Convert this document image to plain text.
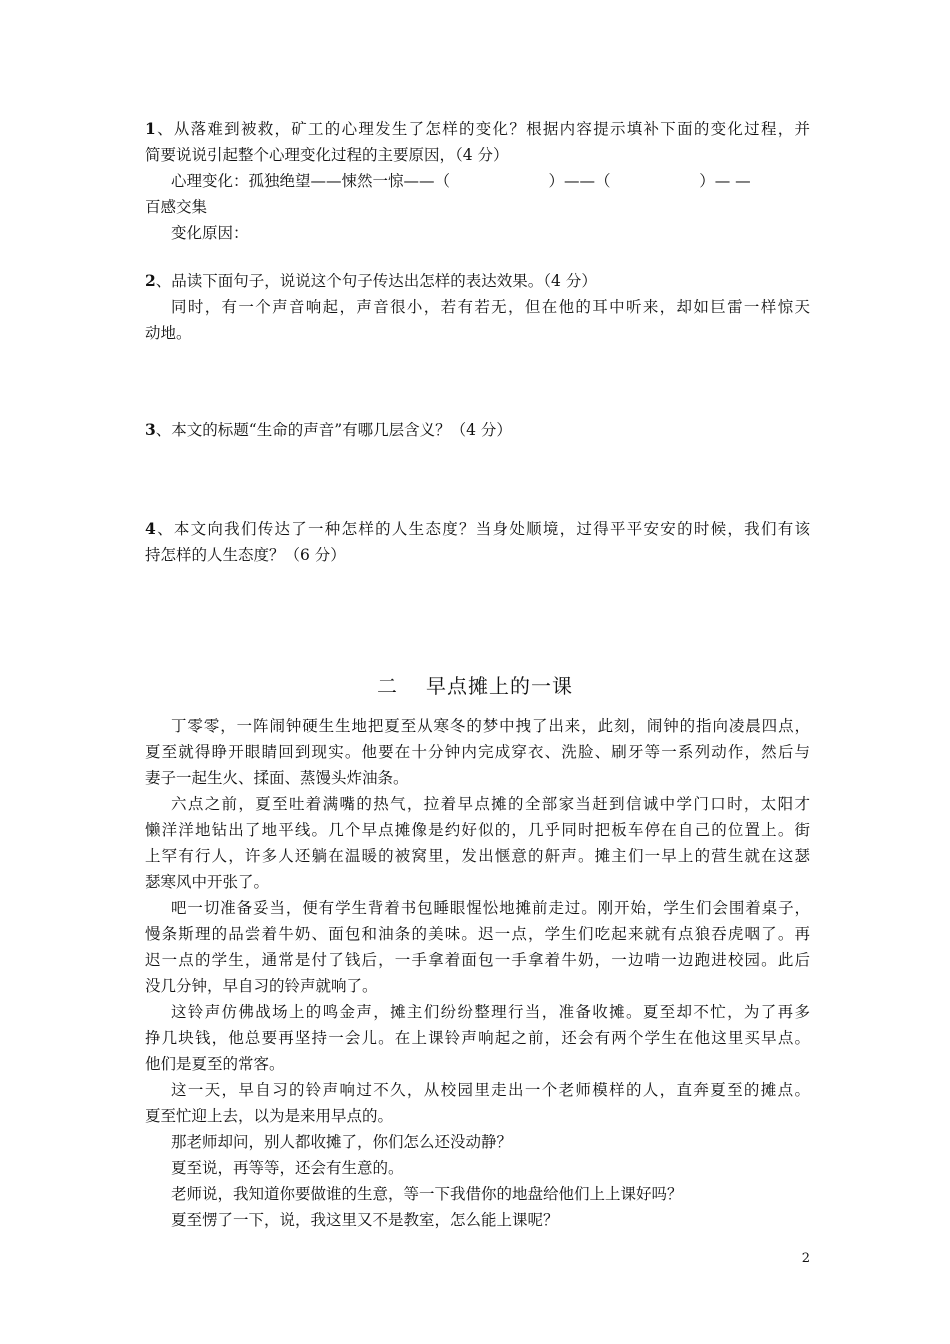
1、从落难到被救，矿工的心理发生了怎样的变化？根据内容提示填补下面的变化过程，并
简要说说引起整个心理变化过程的主要原因，（4 分）
心理变化：孤独绝望——悚然一惊——（                    ）——（                  ）— —
百感交集
变化原因：
2、品读下面句子，说说这个句子传达出怎样的表达效果。（4 分）
同时，有一个声音响起，声音很小，若有若无，但在他的耳中听来，却如巨雷一样惊天
动地。
3、本文的标题“生命的声音”有哪几层含义？（4 分）
4、本文向我们传达了一种怎样的人生态度？当身处顺境，过得平平安安的时候，我们有该
持怎样的人生态度？（6 分）
二 早点摊上的一课
丁零零，一阵闹钟硬生生地把夏至从寒冬的梦中拽了出来，此刻，闹钟的指向凌晨四点，
夏至就得睁开眼睛回到现实。他要在十分钟内完成穿衣、洗脸、刷牙等一系列动作，然后与
妻子一起生火、揉面、蒸馒头炸油条。
六点之前，夏至吐着满嘴的热气，拉着早点摊的全部家当赶到信诚中学门口时，太阳才
懒洋洋地钻出了地平线。几个早点摊像是约好似的，几乎同时把板车停在自己的位置上。街
上罕有行人，许多人还躺在温暖的被窝里，发出惬意的鼾声。摊主们一早上的营生就在这瑟
瑟寒风中开张了。
吧一切准备妥当，便有学生背着书包睡眼惺忪地摊前走过。刚开始，学生们会围着桌子，
慢条斯理的品尝着牛奶、面包和油条的美味。迟一点，学生们吃起来就有点狼吞虎咽了。再
迟一点的学生，通常是付了钱后，一手拿着面包一手拿着牛奶，一边啃一边跑进校园。此后
没几分钟，早自习的铃声就响了。
这铃声仿佛战场上的鸣金声，摊主们纷纷整理行当，准备收摊。夏至却不忙，为了再多
挣几块钱，他总要再坚持一会儿。在上课铃声响起之前，还会有两个学生在他这里买早点。
他们是夏至的常客。
这一天，早自习的铃声响过不久，从校园里走出一个老师模样的人，直奔夏至的摊点。
夏至忙迎上去，以为是来用早点的。
那老师却问，别人都收摊了，你们怎么还没动静？
夏至说，再等等，还会有生意的。
老师说，我知道你要做谁的生意，等一下我借你的地盘给他们上上课好吗？
夏至愣了一下，说，我这里又不是教室，怎么能上课呢？
2
